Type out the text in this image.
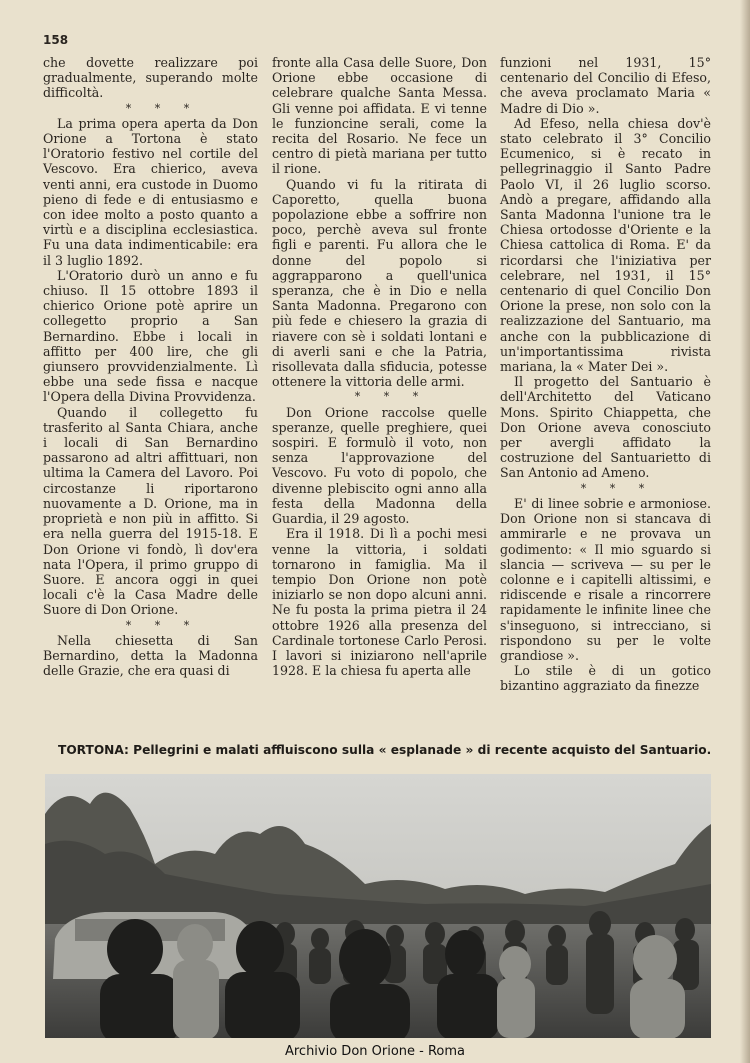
158

che dovette realizzare poi gradualmente, superando molte difficoltà.

* * *

La prima opera aperta da Don Orione a Tortona è stato l'Oratorio festivo nel cortile del Vescovo. Era chierico, aveva venti anni, era custode in Duomo pieno di fede e di entusiasmo e con idee molto a posto quanto a virtù e a disciplina ecclesiastica. Fu una data indimenticabile: era il 3 luglio 1892.

L'Oratorio durò un anno e fu chiuso. Il 15 ottobre 1893 il chierico Orione potè aprire un collegetto proprio a San Bernardino. Ebbe i locali in affitto per 400 lire, che gli giunsero provvidenzialmente. Lì ebbe una sede fissa e nacque l'Opera della Divina Provvidenza.

Quando il collegetto fu trasferito al Santa Chiara, anche i locali di San Bernardino passarono ad altri affittuari, non ultima la Camera del Lavoro. Poi circostanze li riportarono nuovamente a D. Orione, ma in proprietà e non più in affitto. Si era nella guerra del 1915-18. E Don Orione vi fondò, lì dov'era nata l'Opera, il primo gruppo di Suore. E ancora oggi in quei locali c'è la Casa Madre delle Suore di Don Orione.

* * *

Nella chiesetta di San Bernardino, detta la Madonna delle Grazie, che era quasi di

fronte alla Casa delle Suore, Don Orione ebbe occasione di celebrare qualche Santa Messa. Gli venne poi affidata. E vi tenne le funzioncine serali, come la recita del Rosario. Ne fece un centro di pietà mariana per tutto il rione.

Quando vi fu la ritirata di Caporetto, quella buona popolazione ebbe a soffrire non poco, perchè aveva sul fronte figli e parenti. Fu allora che le donne del popolo si aggrapparono a quell'unica speranza, che è in Dio e nella Santa Madonna. Pregarono con più fede e chiesero la grazia di riavere con sè i soldati lontani e di averli sani e che la Patria, risollevata dalla sfiducia, potesse ottenere la vittoria delle armi.

* * *

Don Orione raccolse quelle speranze, quelle preghiere, quei sospiri. E formulò il voto, non senza l'approvazione del Vescovo. Fu voto di popolo, che divenne plebiscito ogni anno alla festa della Madonna della Guardia, il 29 agosto.

Era il 1918. Di lì a pochi mesi venne la vittoria, i soldati tornarono in famiglia. Ma il tempio Don Orione non potè iniziarlo se non dopo alcuni anni. Ne fu posta la prima pietra il 24 ottobre 1926 alla presenza del Cardinale tortonese Carlo Perosi. I lavori si iniziarono nell'aprile 1928. E la chiesa fu aperta alle

funzioni nel 1931, 15° centenario del Concilio di Efeso, che aveva proclamato Maria « Madre di Dio ».

Ad Efeso, nella chiesa dov'è stato celebrato il 3° Concilio Ecumenico, si è recato in pellegrinaggio il Santo Padre Paolo VI, il 26 luglio scorso. Andò a pregare, affidando alla Santa Madonna l'unione tra le Chiesa ortodosse d'Oriente e la Chiesa cattolica di Roma. E' da ricordarsi che l'iniziativa per celebrare, nel 1931, il 15° centenario di quel Concilio Don Orione la prese, non solo con la realizzazione del Santuario, ma anche con la pubblicazione di un'importantissima rivista mariana, la « Mater Dei ».

Il progetto del Santuario è dell'Architetto del Vaticano Mons. Spirito Chiappetta, che Don Orione aveva conosciuto per avergli affidato la costruzione del Santuarietto di San Antonio ad Ameno.

* * *

E' di linee sobrie e armoniose. Don Orione non si stancava di ammirarle e ne provava un godimento: « Il mio sguardo si slancia — scriveva — su per le colonne e i capitelli altissimi, e ridiscende e risale a rincorrere rapidamente le infinite linee che s'inseguono, si intrecciano, si rispondono su per le volte grandiose ».

Lo stile è di un gotico bizantino aggraziato da finezze

TORTONA: Pellegrini e malati affluiscono sulla « esplanade » di recente acquisto del Santuario.
Archivio Don Orione - Roma
